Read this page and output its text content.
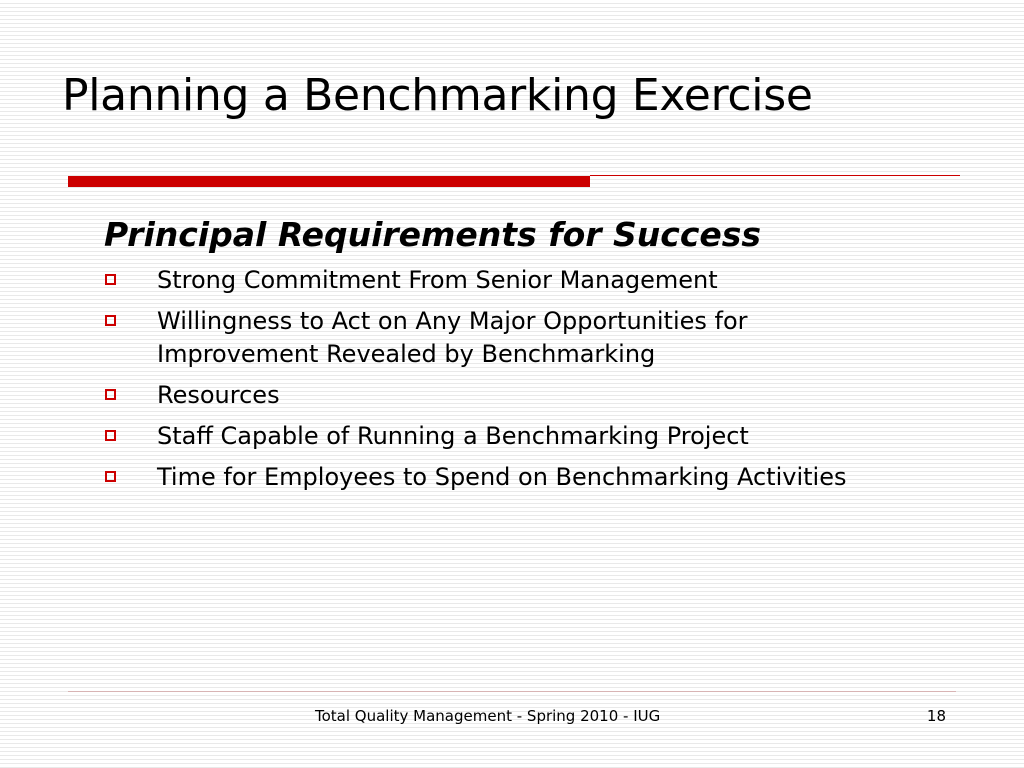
Planning a Benchmarking Exercise
Principal Requirements for Success
Strong Commitment From Senior Management
Willingness to Act on Any Major Opportunities for Improvement Revealed by Benchmarking
Resources
Staff Capable of Running a Benchmarking Project
Time for Employees to Spend on Benchmarking Activities
Total Quality Management - Spring 2010 - IUG	18
